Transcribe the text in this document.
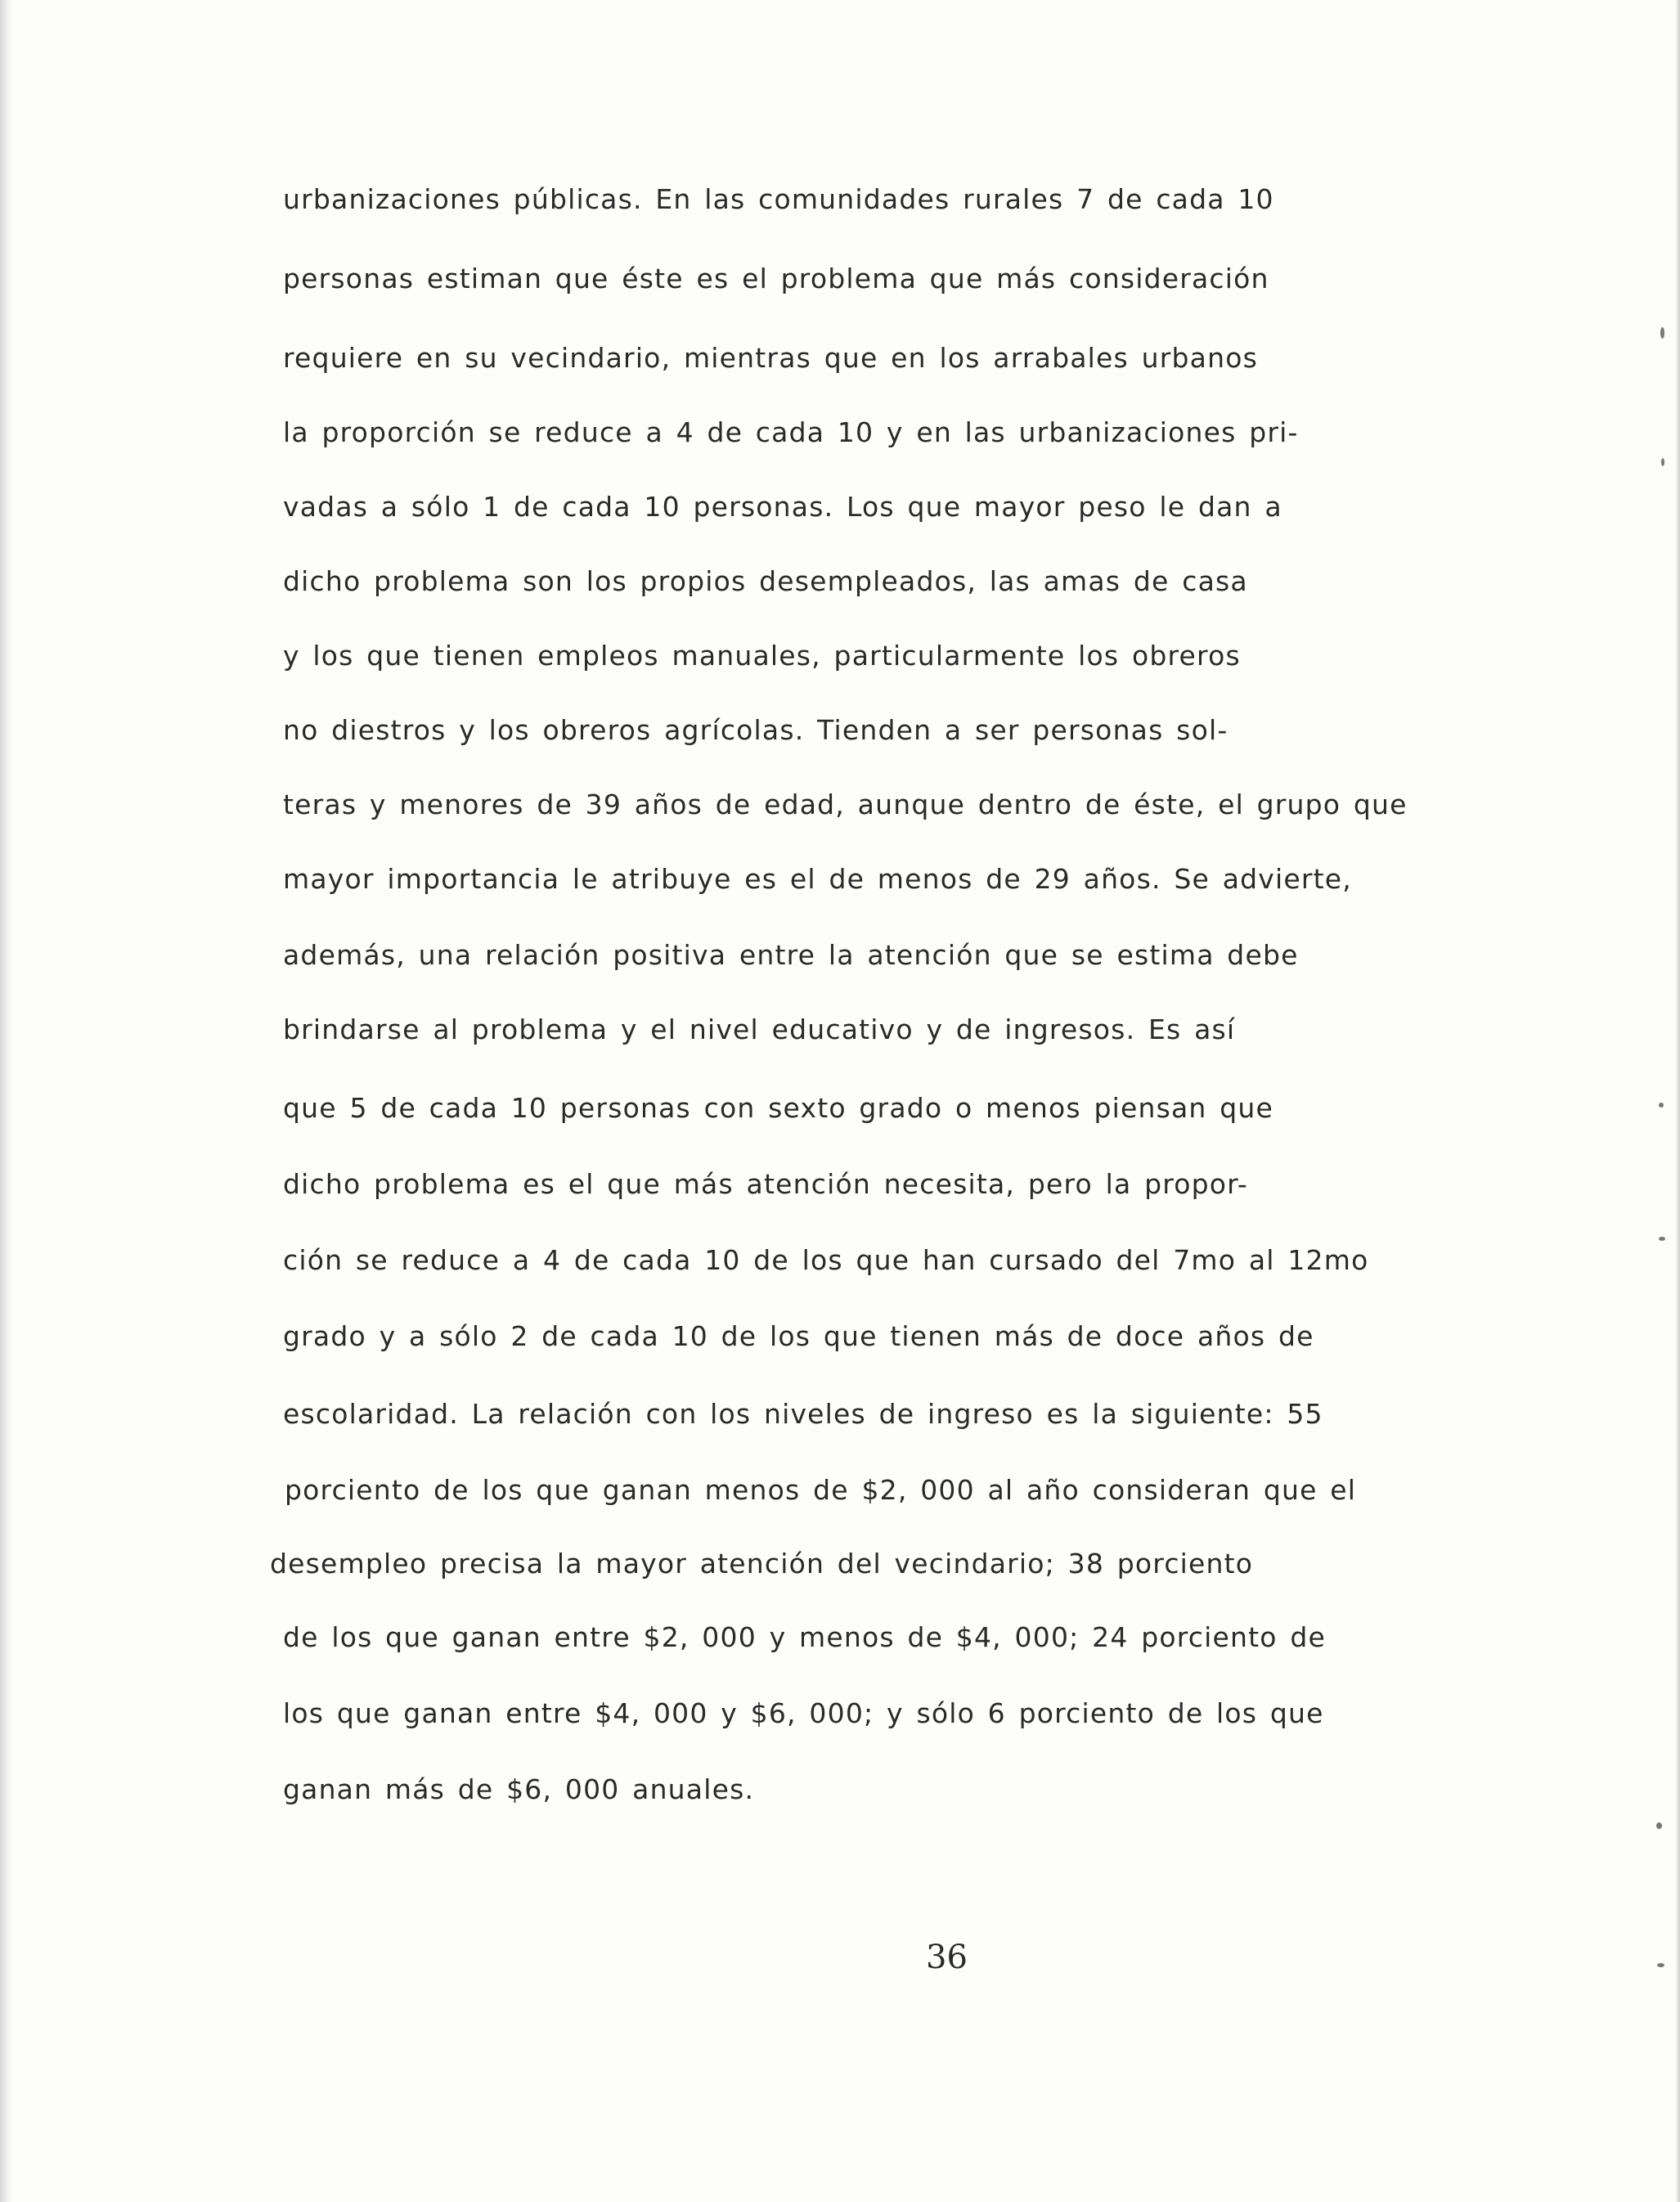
urbanizaciones públicas. En las comunidades rurales 7 de cada 10
personas estiman que éste es el problema que más consideración
requiere en su vecindario, mientras que en los arrabales urbanos
la proporción se reduce a 4 de cada 10 y en las urbanizaciones pri-
vadas a sólo 1 de cada 10 personas. Los que mayor peso le dan a
dicho problema son los propios desempleados, las amas de casa
y los que tienen empleos manuales, particularmente los obreros
no diestros y los obreros agrícolas. Tienden a ser personas sol-
teras y menores de 39 años de edad, aunque dentro de éste, el grupo que
mayor importancia le atribuye es el de menos de 29 años. Se advierte,
además, una relación positiva entre la atención que se estima debe
brindarse al problema y el nivel educativo y de ingresos. Es así
que 5 de cada 10 personas con sexto grado o menos piensan que
dicho problema es el que más atención necesita, pero la propor-
ción se reduce a 4 de cada 10 de los que han cursado del 7mo al 12mo
grado y a sólo 2 de cada 10 de los que tienen más de doce años de
escolaridad. La relación con los niveles de ingreso es la siguiente: 55
porciento de los que ganan menos de $2, 000 al año consideran que el
desempleo precisa la mayor atención del vecindario; 38 porciento
de los que ganan entre $2, 000 y menos de $4, 000; 24 porciento de
los que ganan entre $4, 000 y $6, 000; y sólo 6 porciento de los que
ganan más de $6, 000 anuales.
36
